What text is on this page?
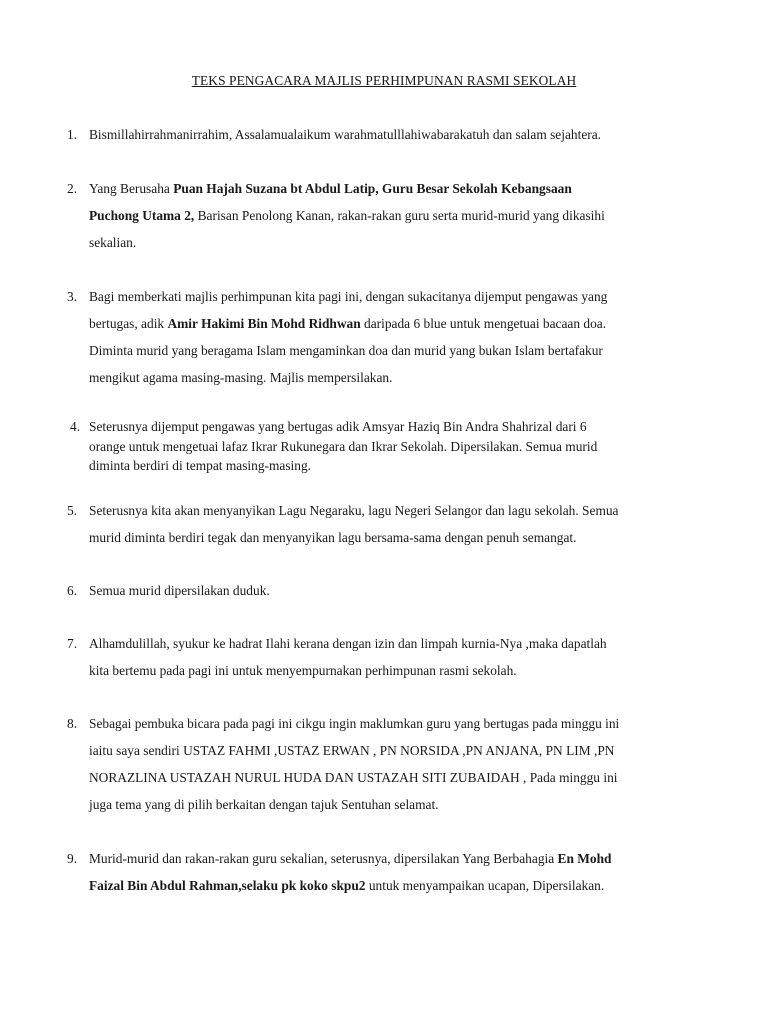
TEKS PENGACARA MAJLIS PERHIMPUNAN RASMI SEKOLAH
1. Bismillahirrahmanirrahim, Assalamualaikum warahmatulllahiwabarakatuh dan salam sejahtera.
2. Yang Berusaha Puan Hajah Suzana bt Abdul Latip, Guru Besar Sekolah Kebangsaan
Puchong Utama 2, Barisan Penolong Kanan, rakan-rakan guru serta murid-murid yang dikasihi
sekalian.
3. Bagi memberkati majlis perhimpunan kita pagi ini, dengan sukacitanya dijemput pengawas yang
bertugas, adik Amir Hakimi Bin Mohd Ridhwan daripada 6 blue untuk mengetuai bacaan doa.
Diminta murid yang beragama Islam mengaminkan doa dan murid yang bukan Islam bertafakur
mengikut agama masing-masing. Majlis mempersilakan.
4. Seterusnya dijemput pengawas yang bertugas adik Amsyar Haziq Bin Andra Shahrizal dari 6
orange untuk mengetuai lafaz Ikrar Rukunegara dan Ikrar Sekolah. Dipersilakan. Semua murid
diminta berdiri di tempat masing-masing.
5. Seterusnya kita akan menyanyikan Lagu Negaraku, lagu Negeri Selangor dan lagu sekolah. Semua
murid diminta berdiri tegak dan menyanyikan lagu bersama-sama dengan penuh semangat.
6. Semua murid dipersilakan duduk.
7. Alhamdulillah, syukur ke hadrat Ilahi kerana dengan izin dan limpah kurnia-Nya ,maka dapatlah
kita bertemu pada pagi ini untuk menyempurnakan perhimpunan rasmi sekolah.
8. Sebagai pembuka bicara pada pagi ini cikgu ingin maklumkan guru yang bertugas pada minggu ini
iaitu saya sendiri USTAZ FAHMI ,USTAZ ERWAN , PN NORSIDA ,PN ANJANA, PN LIM ,PN
NORAZLINA USTAZAH NURUL HUDA DAN USTAZAH SITI ZUBAIDAH , Pada minggu ini
juga tema yang di pilih berkaitan dengan tajuk Sentuhan selamat.
9. Murid-murid dan rakan-rakan guru sekalian, seterusnya, dipersilakan Yang Berbahagia En Mohd
Faizal Bin Abdul Rahman,selaku pk koko skpu2 untuk menyampaikan ucapan, Dipersilakan.
